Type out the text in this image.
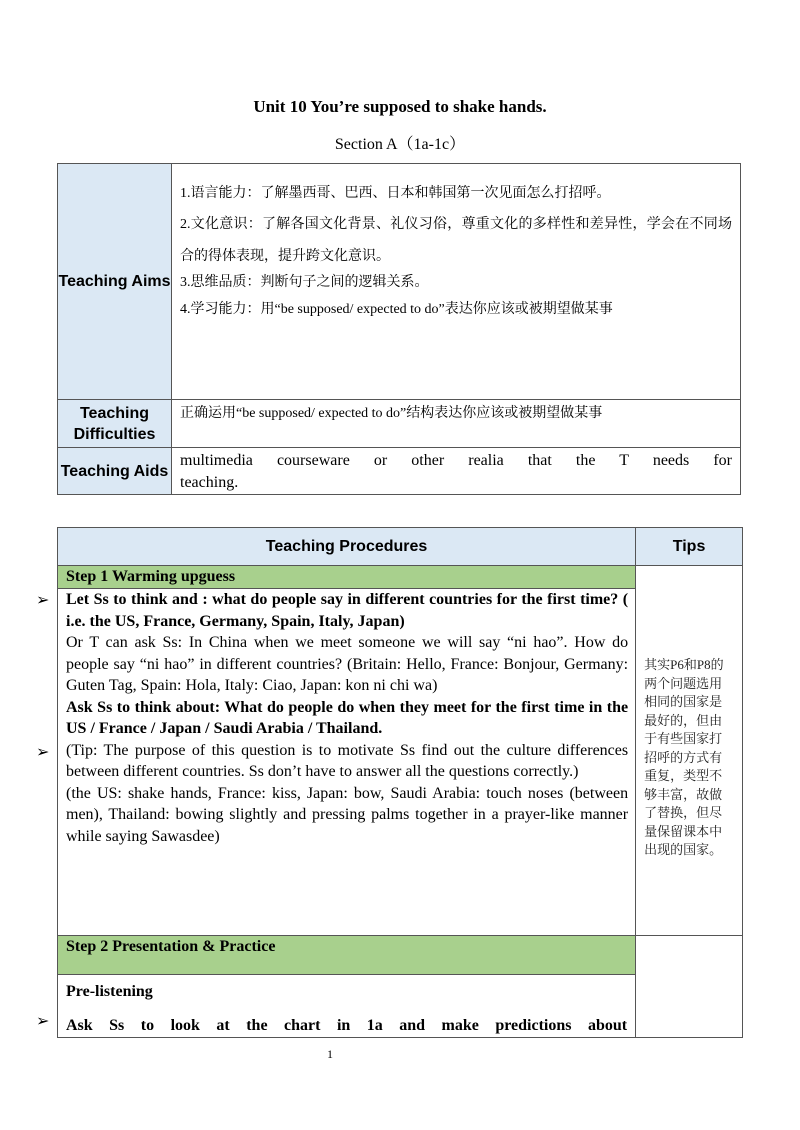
Unit 10 You’re supposed to shake hands.
Section A（1a-1c）
Teaching Aims	1.语言能力：了解墨西哥、巴西、日本和韩国第一次见面怎么打招呼。

2.文化意识：了解各国文化背景、礼仪习俗，尊重文化的多样性和差异性，学会在不同场合的得体表现，提升跨文化意识。

3.思维品质：判断句子之间的逻辑关系。

4.学习能力：用“be supposed/ expected to do”表达你应该或被期望做某事

Teaching Difficulties	正确运用“be supposed/ expected to do”结构表达你应该或被期望做某事
Teaching Aids	multimedia courseware or other realia that the T needs for
teaching.
Teaching Procedures	Tips
Step 1 Warming upguess	其实P6和P8的两个问题选用相同的国家是最好的，但由于有些国家打招呼的方式有重复，类型不够丰富，故做了替换，但尽量保留课本中出现的国家。

Let Ss to think and : what do people say in different countries for the first time? ( i.e. the US, France, Germany, Spain, Italy, Japan)

Or T can ask Ss: In China when we meet someone we will say “ni hao”. How do people say “ni hao” in different countries? (Britain: Hello, France: Bonjour, Germany: Guten Tag, Spain: Hola, Italy: Ciao, Japan: kon ni chi wa)

Ask Ss to think about: What do people do when they meet for the first time in the US / France / Japan / Saudi Arabia / Thailand.

(Tip: The purpose of this question is to motivate Ss find out the culture differences between different countries. Ss don’t have to answer all the questions correctly.)

(the US: shake hands, France: kiss, Japan: bow, Saudi Arabia: touch noses (between men), Thailand: bowing slightly and pressing palms together in a prayer-like manner while saying Sawasdee)	

Step 2 Presentation & Practice	

Pre-listening
Ask Ss to look at the chart in 1a and make predictions about	
➢
➢
➢
1
